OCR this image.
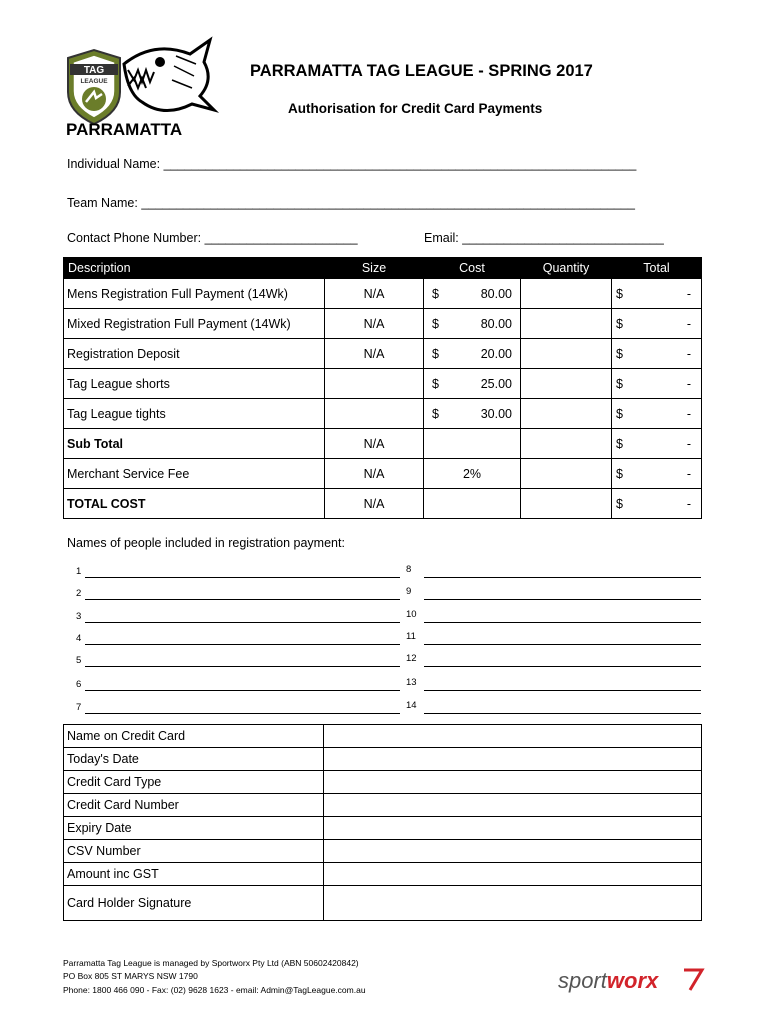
TAG
LEAGUE
PARRAMATTA
PARRAMATTA TAG LEAGUE - SPRING 2017
Authorisation for Credit Card Payments
Individual Name: ____________________________________________________________________
Team Name: _______________________________________________________________________
Contact Phone Number: ______________________	Email: _____________________________
Description	Size	Cost	Quantity	Total
Mens Registration Full Payment (14Wk)	N/A	$ 80.00		$ -

Mixed Registration Full Payment (14Wk)	N/A	$ 80.00		$ -

Registration Deposit	N/A	$ 20.00		$ -

Tag League shorts		$ 25.00		$ -

Tag League tights		$ 30.00		$ -

Sub Total	N/A			$ -

Merchant Service Fee	N/A	2%		$ -

TOTAL COST	N/A			$ -
Names of people included in registration payment:
1
2
3
4
5
6
7
8
9
10
11
12
13
14
Name on Credit Card	
Today's Date	
Credit Card Type	
Credit Card Number	
Expiry Date	
CSV Number	
Amount inc GST	
Card Holder Signature	
Parramatta Tag League is managed by Sportworx Pty Ltd (ABN 50602420842)
PO Box 805 ST MARYS NSW 1790
Phone: 1800 466 090 - Fax: (02) 9628 1623 - email: Admin@TagLeague.com.au	sportworx
